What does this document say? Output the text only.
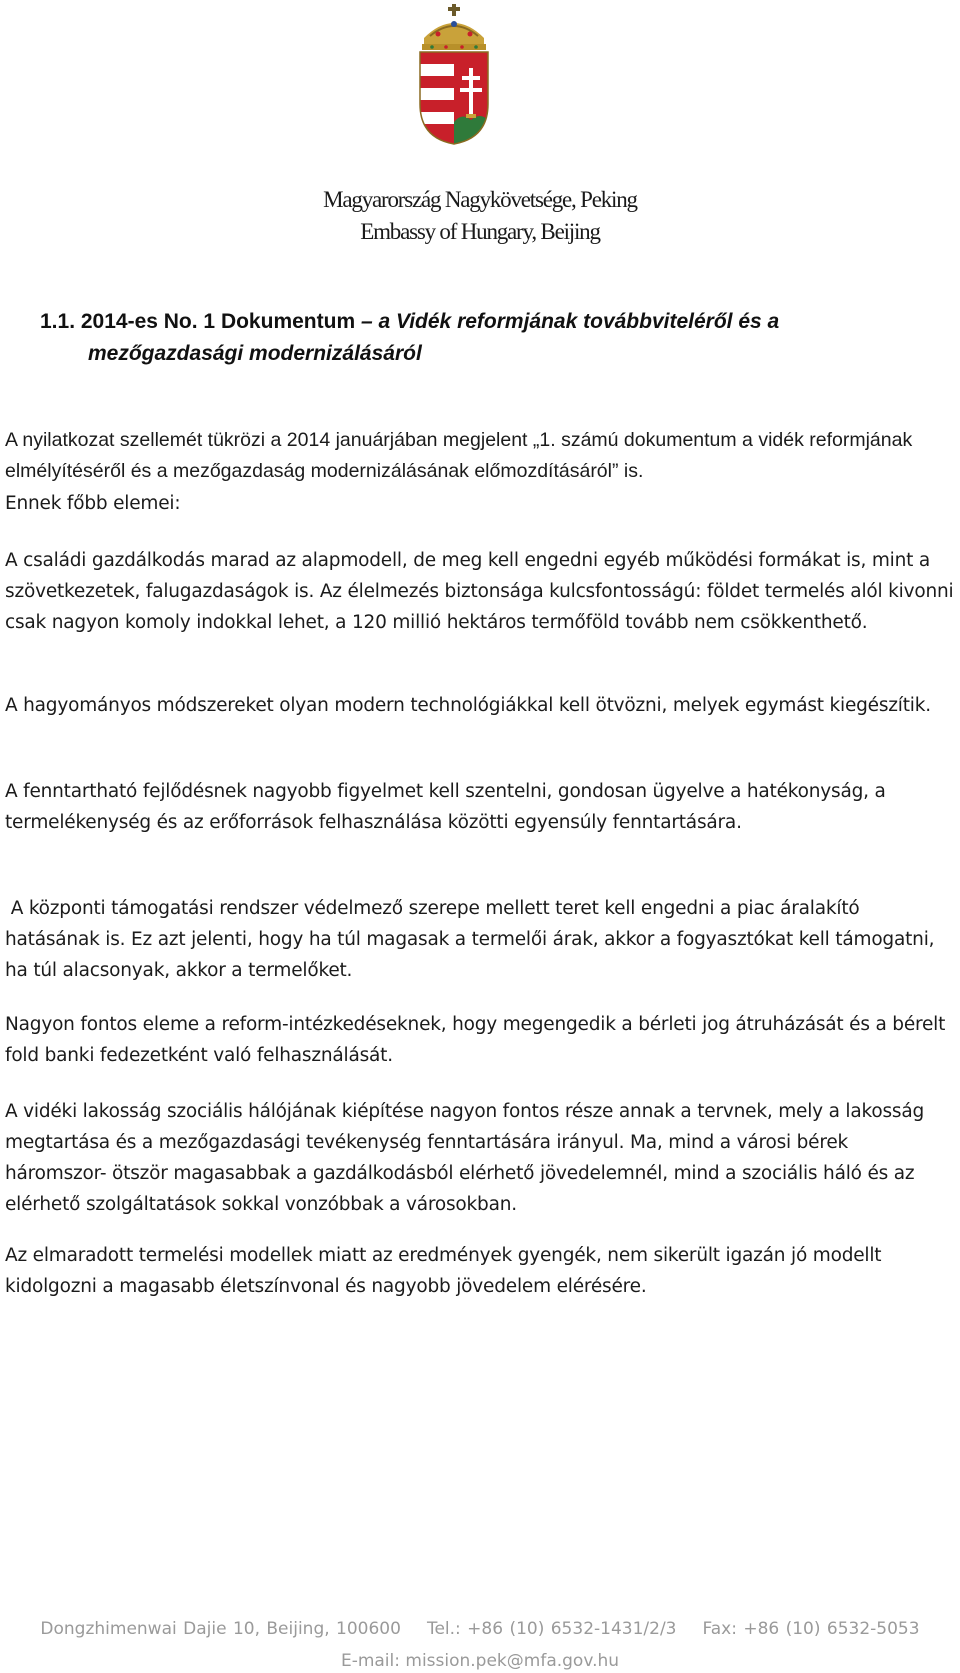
Magyarország Nagykövetsége, Peking
Embassy of Hungary, Beijing
1.1. 2014-es No. 1 Dokumentum – a Vidék reformjának továbbviteléről és a
mezőgazdasági modernizálásáról

A nyilatkozat szellemét tükrözi a 2014 januárjában megjelent „1. számú dokumentum a vidék reformjának elmélyítéséről és a mezőgazdaság modernizálásának előmozdításáról” is.

Ennek főbb elemei:

A családi gazdálkodás marad az alapmodell, de meg kell engedni egyéb működési formákat is, mint a szövetkezetek, falugazdaságok is. Az élelmezés biztonsága kulcsfontosságú: földet termelés alól kivonni csak nagyon komoly indokkal lehet, a 120 millió hektáros termőföld tovább nem csökkenthető.

A hagyományos módszereket olyan modern technológiákkal kell ötvözni, melyek egymást kiegészítik.

A fenntartható fejlődésnek nagyobb figyelmet kell szentelni, gondosan ügyelve a hatékonyság, a termelékenység és az erőforrások felhasználása közötti egyensúly fenntartására.

A központi támogatási rendszer védelmező szerepe mellett teret kell engedni a piac áralakító hatásának is. Ez azt jelenti, hogy ha túl magasak a termelői árak, akkor a fogyasztókat kell támogatni, ha túl alacsonyak, akkor a termelőket.

Nagyon fontos eleme a reform-intézkedéseknek, hogy megengedik a bérleti jog átruházását és a bérelt fold banki fedezetként való felhasználását.

A vidéki lakosság szociális hálójának kiépítése nagyon fontos része annak a tervnek, mely a lakosság megtartása és a mezőgazdasági tevékenység fenntartására irányul. Ma, mind a városi bérek háromszor- ötször magasabbak a gazdálkodásból elérhető jövedelemnél, mind a szociális háló és az elérhető szolgáltatások sokkal vonzóbbak a városokban.

Az elmaradott termelési modellek miatt az eredmények gyengék, nem sikerült igazán jó modellt kidolgozni a magasabb életszínvonal és nagyobb jövedelem elérésére.

Dongzhimenwai Dajie 10, Beijing, 100600 Tel.: +86 (10) 6532-1431/2/3 Fax: +86 (10) 6532-5053
E-mail: mission.pek@mfa.gov.hu
